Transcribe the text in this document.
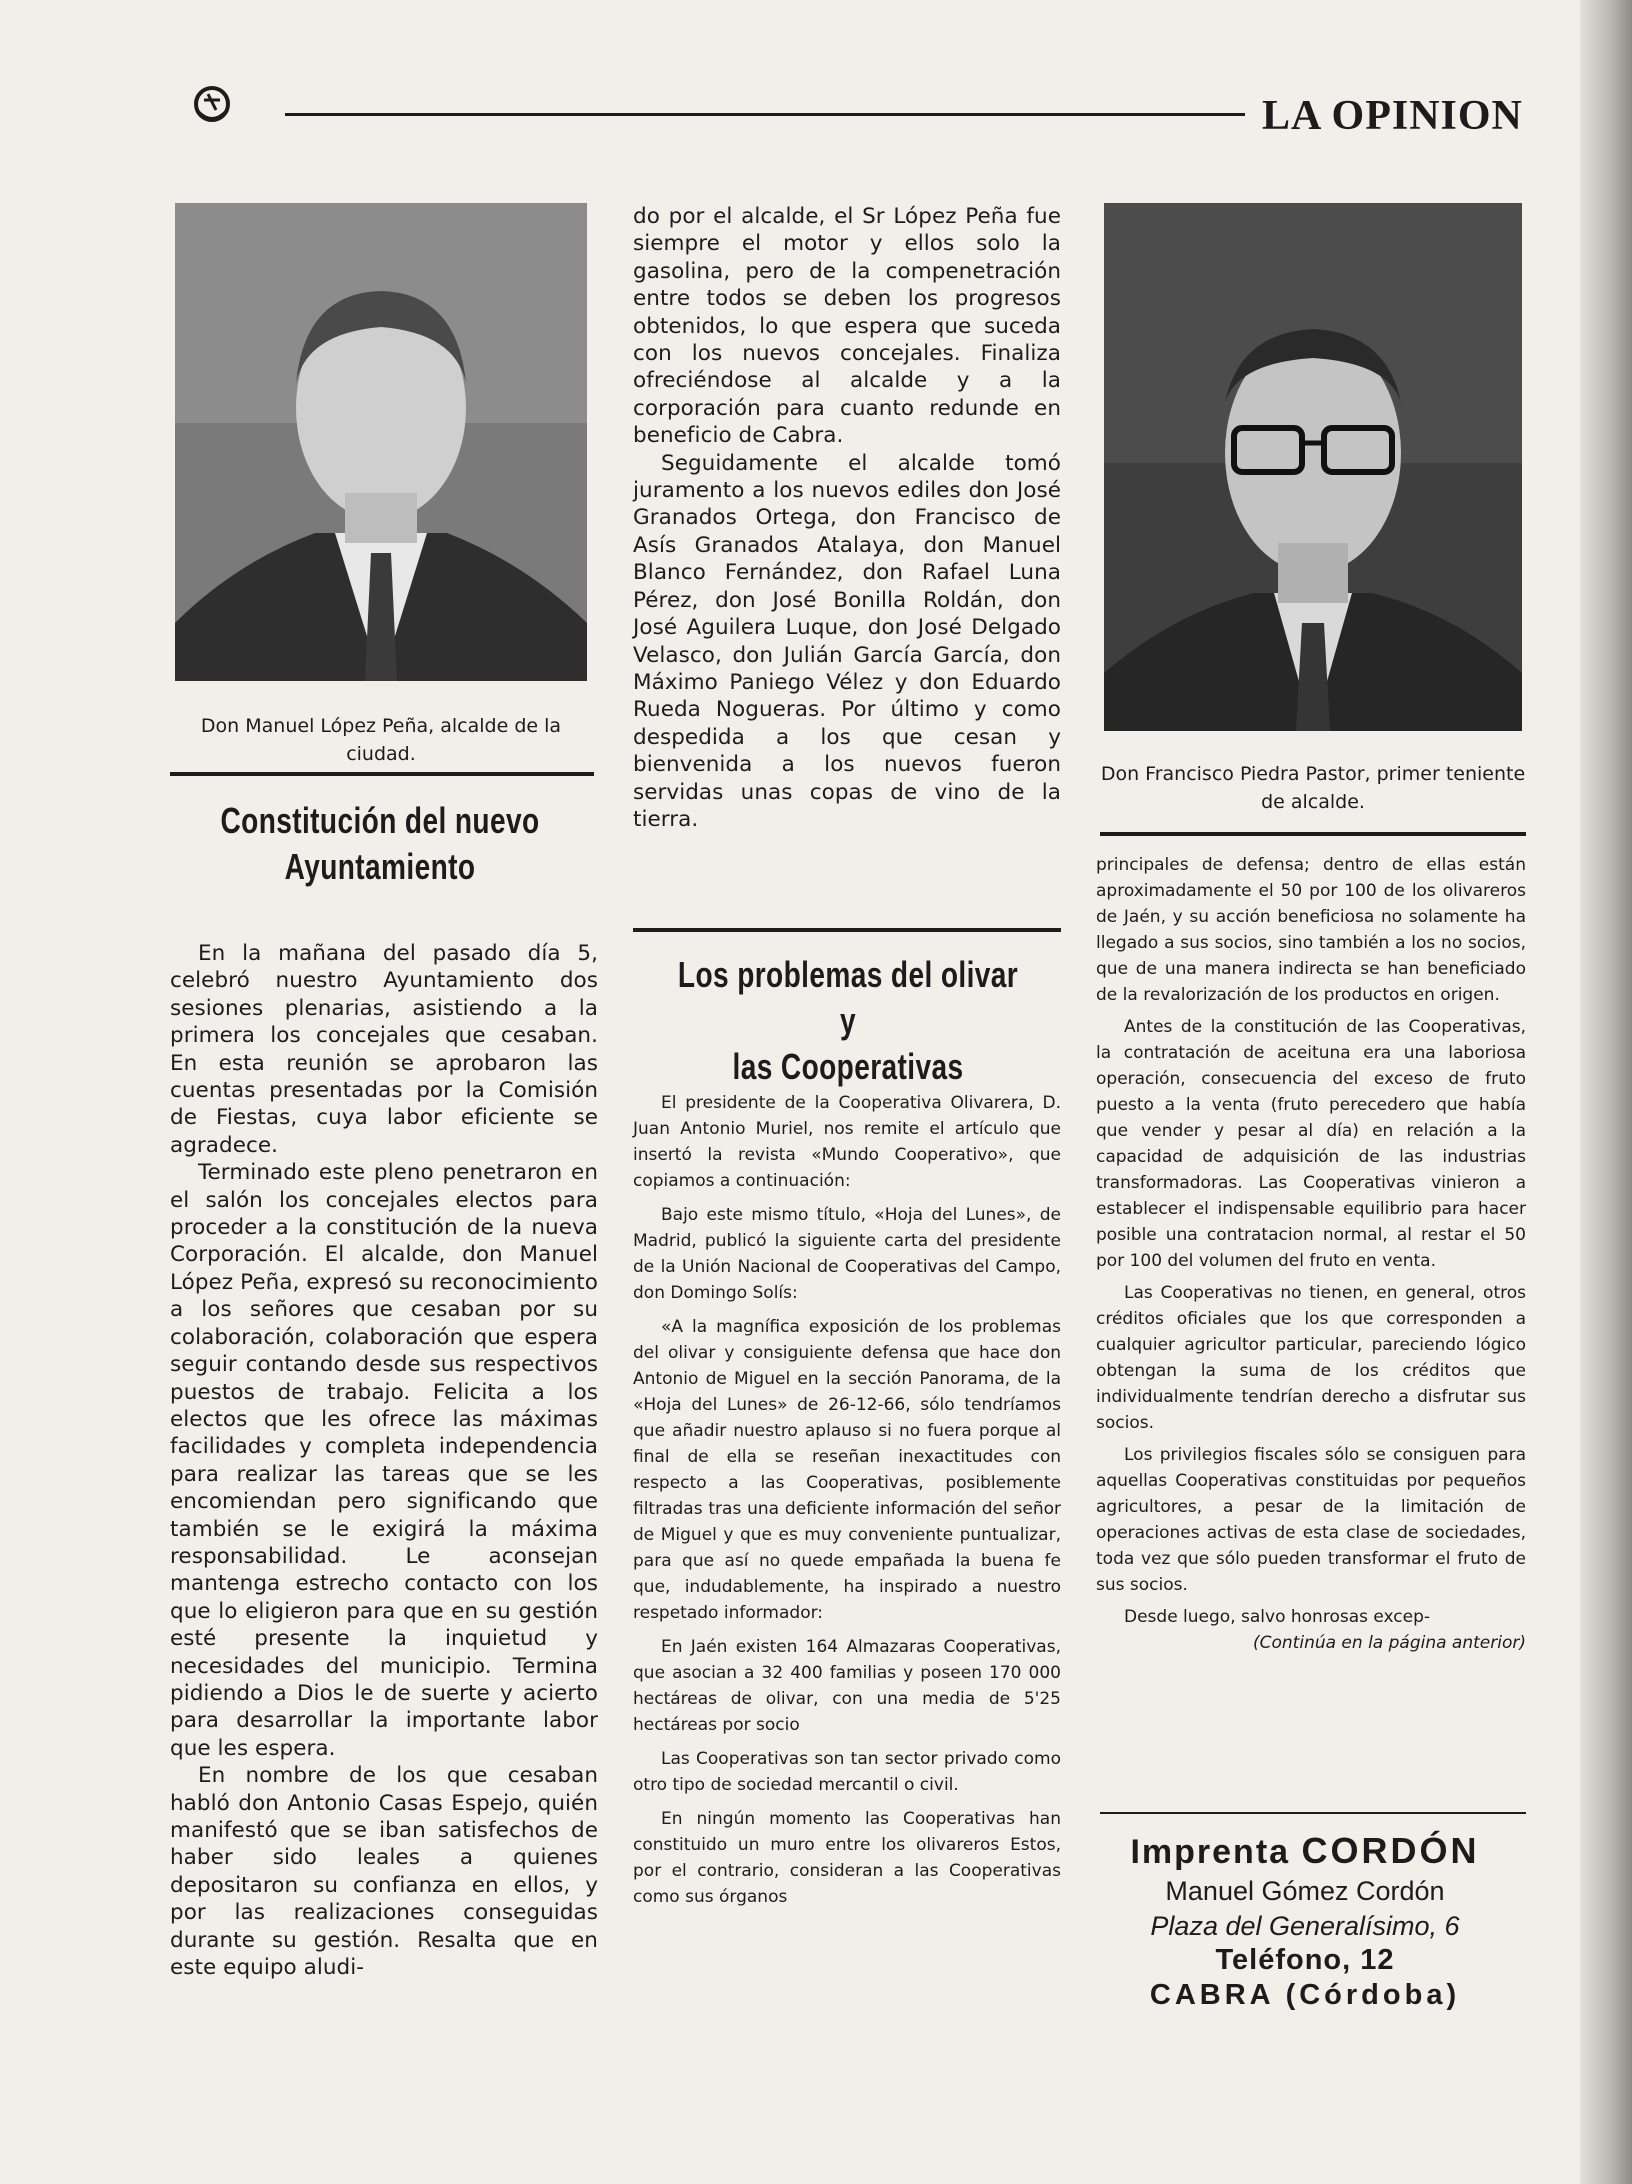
LA OPINION
Don Manuel López Peña, alcalde de la ciudad.
Constitución del nuevo
Ayuntamiento

En la mañana del pasado día 5, celebró nuestro Ayuntamiento dos sesiones plenarias, asistiendo a la primera los concejales que cesaban. En esta reunión se aprobaron las cuentas presentadas por la Comisión de Fiestas, cuya labor eficiente se agradece.

Terminado este pleno penetraron en el salón los concejales electos para proceder a la constitución de la nueva Corporación. El alcalde, don Manuel López Peña, expresó su reconocimiento a los señores que cesaban por su colaboración, colaboración que espera seguir contando desde sus respectivos puestos de trabajo. Felicita a los electos que les ofrece las máximas facilidades y completa independencia para realizar las tareas que se les encomiendan pero significando que también se le exigirá la máxima responsabilidad. Le aconsejan mantenga estrecho contacto con los que lo eligieron para que en su gestión esté presente la inquietud y necesidades del municipio. Termina pidiendo a Dios le de suerte y acierto para desarrollar la importante labor que les espera.

En nombre de los que cesaban habló don Antonio Casas Espejo, quién manifestó que se iban satisfechos de haber sido leales a quienes depositaron su confianza en ellos, y por las realizaciones conseguidas durante su gestión. Resalta que en este equipo aludi-

do por el alcalde, el Sr López Peña fue siempre el motor y ellos solo la gasolina, pero de la compenetración entre todos se deben los progresos obtenidos, lo que espera que suceda con los nuevos concejales. Finaliza ofreciéndose al alcalde y a la corporación para cuanto redunde en beneficio de Cabra.

Seguidamente el alcalde tomó juramento a los nuevos ediles don José Granados Ortega, don Francisco de Asís Granados Atalaya, don Manuel Blanco Fernández, don Rafael Luna Pérez, don José Bonilla Roldán, don José Aguilera Luque, don José Delgado Velasco, don Julián García García, don Máximo Paniego Vélez y don Eduardo Rueda Nogueras. Por último y como despedida a los que cesan y bienvenida a los nuevos fueron servidas unas copas de vino de la tierra.

Los problemas del olivar y
las Cooperativas

El presidente de la Cooperativa Olivarera, D. Juan Antonio Muriel, nos remite el artículo que insertó la revista «Mundo Cooperativo», que copiamos a continuación:

Bajo este mismo título, «Hoja del Lunes», de Madrid, publicó la siguiente carta del presidente de la Unión Nacional de Cooperativas del Campo, don Domingo Solís:

«A la magnífica exposición de los problemas del olivar y consiguiente defensa que hace don Antonio de Miguel en la sección Panorama, de la «Hoja del Lunes» de 26-12-66, sólo tendríamos que añadir nuestro aplauso si no fuera porque al final de ella se reseñan inexactitudes con respecto a las Cooperativas, posiblemente filtradas tras una deficiente información del señor de Miguel y que es muy conveniente puntualizar, para que así no quede empañada la buena fe que, indudablemente, ha inspirado a nuestro respetado informador:

En Jaén existen 164 Almazaras Cooperativas, que asocian a 32 400 familias y poseen 170 000 hectáreas de olivar, con una media de 5'25 hectáreas por socio

Las Cooperativas son tan sector privado como otro tipo de sociedad mercantil o civil.

En ningún momento las Cooperativas han constituido un muro entre los olivareros Estos, por el contrario, consideran a las Cooperativas como sus órganos

Don Francisco Piedra Pastor, primer teniente de alcalde.

principales de defensa; dentro de ellas están aproximadamente el 50 por 100 de los olivareros de Jaén, y su acción beneficiosa no solamente ha llegado a sus socios, sino también a los no socios, que de una manera indirecta se han beneficiado de la revalorización de los productos en origen.

Antes de la constitución de las Cooperativas, la contratación de aceituna era una laboriosa operación, consecuencia del exceso de fruto puesto a la venta (fruto perecedero que había que vender y pesar al día) en relación a la capacidad de adquisición de las industrias transformadoras. Las Cooperativas vinieron a establecer el indispensable equilibrio para hacer posible una contratacion normal, al restar el 50 por 100 del volumen del fruto en venta.

Las Cooperativas no tienen, en general, otros créditos oficiales que los que corresponden a cualquier agricultor particular, pareciendo lógico obtengan la suma de los créditos que individualmente tendrían derecho a disfrutar sus socios.

Los privilegios fiscales sólo se consiguen para aquellas Cooperativas constituidas por pequeños agricultores, a pesar de la limitación de operaciones activas de esta clase de sociedades, toda vez que sólo pueden transformar el fruto de sus socios.

Desde luego, salvo honrosas excep-

(Continúa en la página anterior)

Imprenta CORDÓN
Manuel Gómez Cordón
Plaza del Generalísimo, 6
Teléfono, 12
CABRA (Córdoba)
